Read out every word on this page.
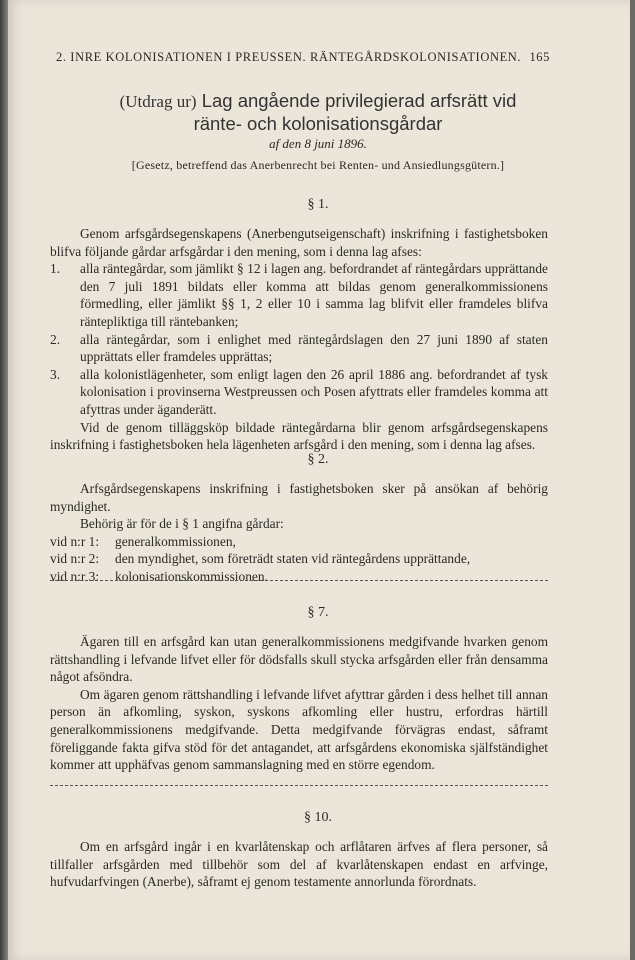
2. INRE KOLONISATIONEN I PREUSSEN. RÄNTEGÅRDSKOLONISATIONEN. 165
(Utdrag ur) Lag angående privilegierad arfsrätt vid
ränte- och kolonisationsgårdar
af den 8 juni 1896.
[Gesetz, betreffend das Anerbenrecht bei Renten- und Ansiedlungsgütern.]
§ 1.

Genom arfsgårdsegenskapens (Anerbengutseigenschaft) inskrifning i fastighetsboken blifva följande gårdar arfsgårdar i den mening, som i denna lag afses:

1.	alla räntegårdar, som jämlikt § 12 i lagen ang. befordrandet af räntegårdars upprättande den 7 juli 1891 bildats eller komma att bildas genom generalkommissionens förmedling, eller jämlikt §§ 1, 2 eller 10 i samma lag blifvit eller framdeles blifva räntepliktiga till räntebanken;
2.	alla räntegårdar, som i enlighet med räntegårdslagen den 27 juni 1890 af staten upprättats eller framdeles upprättas;
3.	alla kolonistlägenheter, som enligt lagen den 26 april 1886 ang. befordrandet af tysk kolonisation i provinserna Westpreussen och Posen afyttrats eller framdeles komma att afyttras under äganderätt.

Vid de genom tilläggsköp bildade räntegårdarna blir genom arfsgårdsegenskapens inskrifning i fastighetsboken hela lägenheten arfsgård i den mening, som i denna lag afses.

§ 2.

Arfsgårdsegenskapens inskrifning i fastighetsboken sker på ansökan af behörig myndighet.

Behörig är för de i § 1 angifna gårdar:

vid n:r 1:	generalkommissionen,
vid n:r 2:	den myndighet, som företrädt staten vid räntegårdens upprättande,
vid n:r 3:	kolonisationskommissionen.
§ 7.

Ägaren till en arfsgård kan utan generalkommissionens medgifvande hvarken genom rättshandling i lefvande lifvet eller för dödsfalls skull stycka arfsgården eller från densamma något afsöndra.

Om ägaren genom rättshandling i lefvande lifvet afyttrar gården i dess helhet till annan person än afkomling, syskon, syskons afkomling eller hustru, erfordras härtill generalkommissionens medgifvande. Detta medgifvande förvägras endast, såframt föreliggande fakta gifva stöd för det antagandet, att arfsgårdens ekonomiska själfständighet kommer att upphäfvas genom sammanslagning med en större egendom.

§ 10.

Om en arfsgård ingår i en kvarlåtenskap och arflåtaren ärfves af flera personer, så tillfaller arfsgården med tillbehör som del af kvarlåtenskapen endast en arfvinge, hufvudarfvingen (Anerbe), såframt ej genom testamente annorlunda förordnats.
